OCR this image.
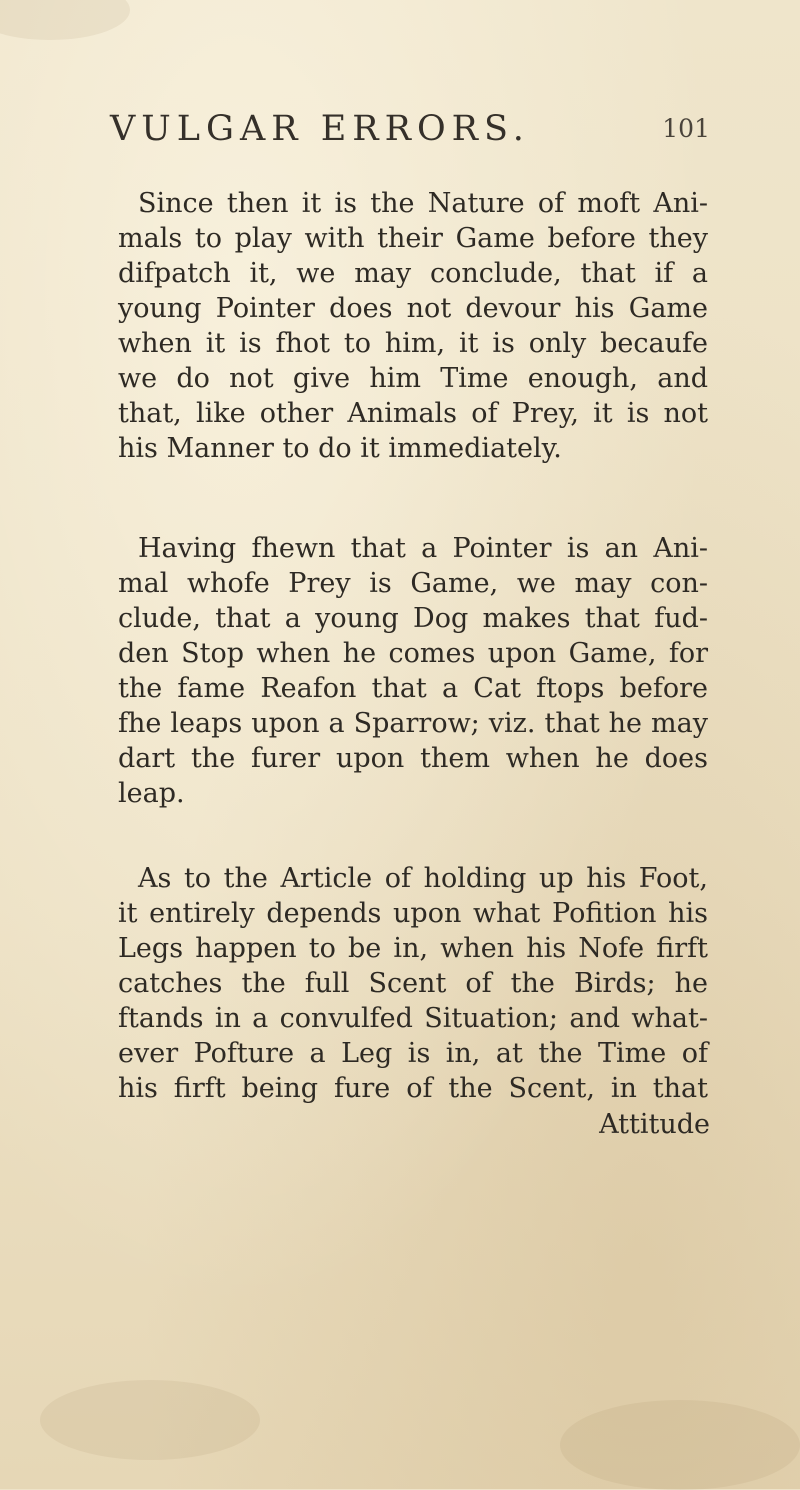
VULGAR ERRORS.	101
Since then it is the Nature of moft Ani-
mals to play with their Game before they
difpatch it, we may conclude, that if a
young Pointer does not devour his Game
when it is fhot to him, it is only becaufe
we do not give him Time enough, and
that, like other Animals of Prey, it is not
his Manner to do it immediately.
Having fhewn that a Pointer is an Ani-
mal whofe Prey is Game, we may con-
clude, that a young Dog makes that fud-
den Stop when he comes upon Game, for
the fame Reafon that a Cat ftops before
fhe leaps upon a Sparrow; viz. that he may
dart the furer upon them when he does
leap.
As to the Article of holding up his Foot,
it entirely depends upon what Pofition his
Legs happen to be in, when his Nofe firft
catches the full Scent of the Birds; he
ftands in a convulfed Situation; and what-
ever Pofture a Leg is in, at the Time of
his firft being fure of the Scent, in that
Attitude
